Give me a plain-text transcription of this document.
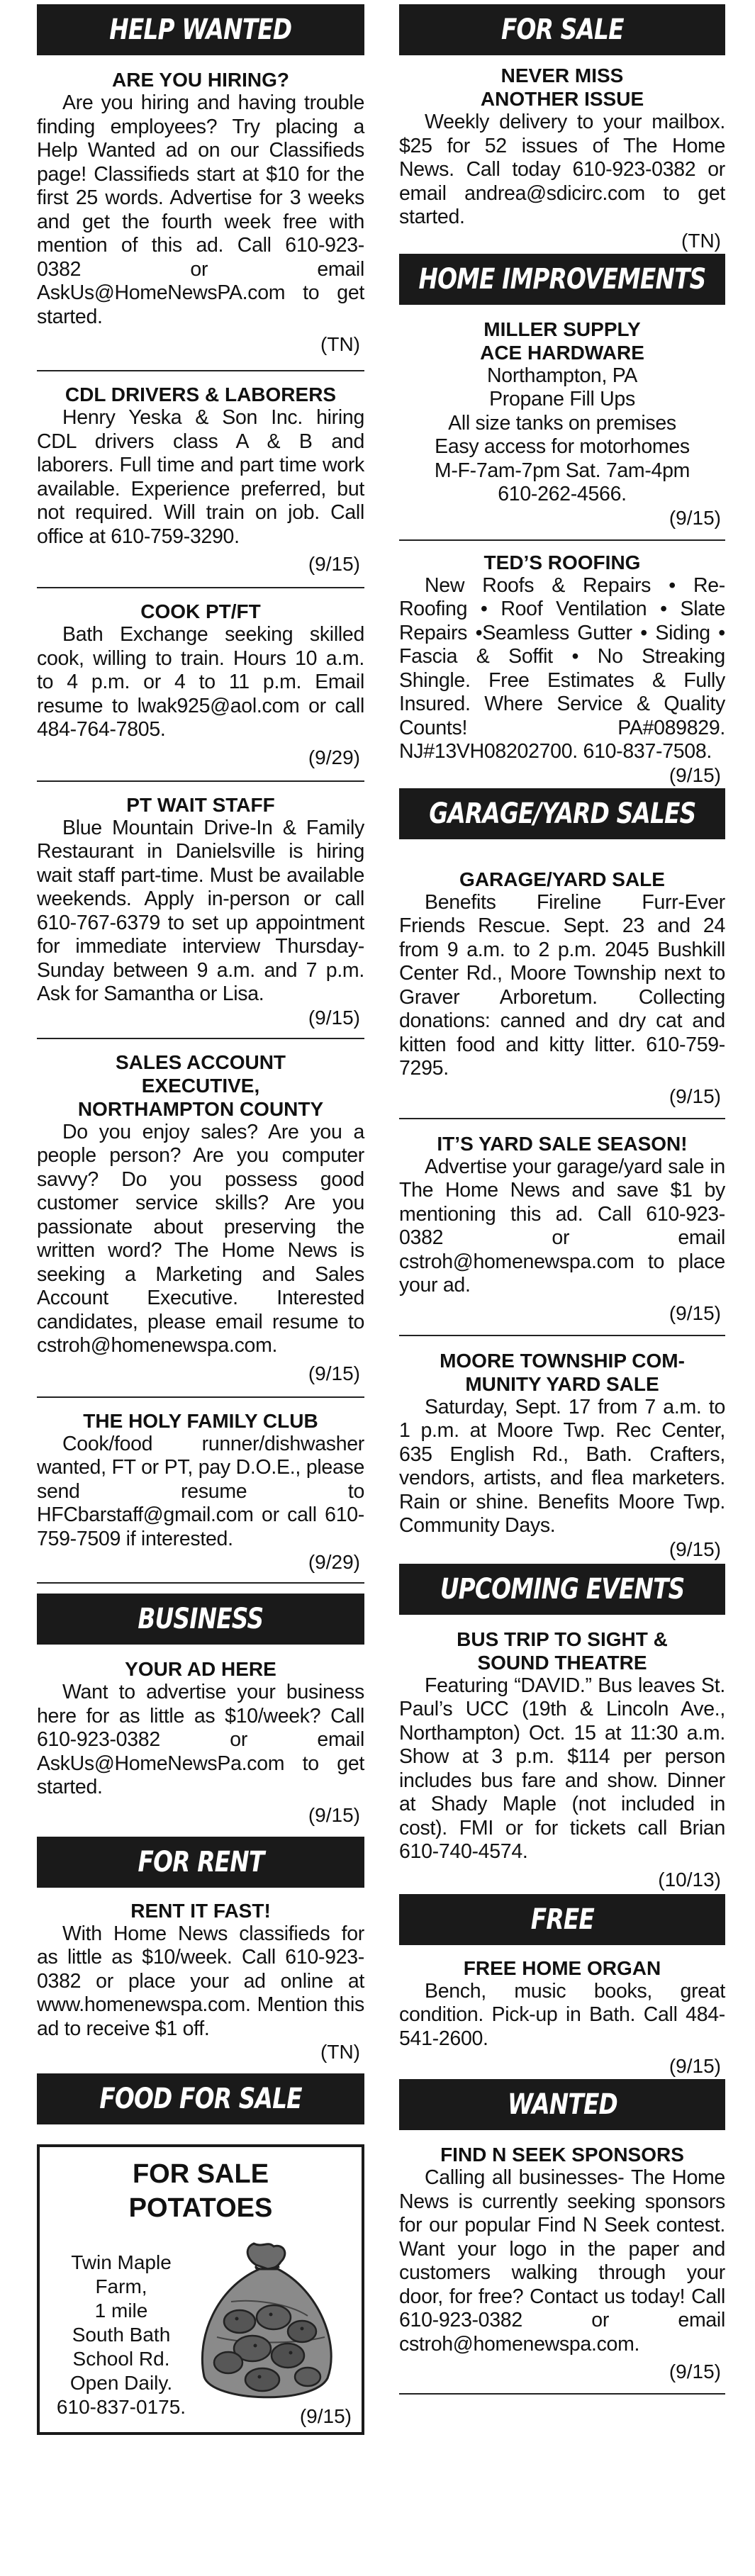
HELP WANTED
ARE YOU HIRING?
Are you hiring and having trouble finding employees? Try placing a Help Wanted ad on our Classifieds page! Classifieds start at $10 for the first 25 words. Advertise for 3 weeks and get the fourth week free with mention of this ad. Call 610-923-0382 or email AskUs@HomeNewsPA.com to get started.
(TN)
CDL DRIVERS & LABORERS
Henry Yeska & Son Inc. hiring CDL drivers class A & B and laborers. Full time and part time work available. Experience preferred, but not required. Will train on job. Call office at 610-759-3290.
(9/15)
COOK PT/FT
Bath Exchange seeking skilled cook, willing to train. Hours 10 a.m. to 4 p.m. or 4 to 11 p.m. Email resume to lwak925@aol.com or call 484-764-7805.
(9/29)
PT WAIT STAFF
Blue Mountain Drive-In & Family Restaurant in Danielsville is hiring wait staff part-time. Must be available weekends. Apply in-person or call 610-767-6379 to set up appointment for immediate interview Thursday-Sunday between 9 a.m. and 7 p.m. Ask for Samantha or Lisa.
(9/15)
SALES ACCOUNT
EXECUTIVE,
NORTHAMPTON COUNTY
Do you enjoy sales? Are you a people person? Are you computer savvy? Do you possess good customer service skills? Are you passionate about preserving the written word? The Home News is seeking a Marketing and Sales Account Executive. Interested candidates, please email resume to cstroh@homenewspa.com.
(9/15)
THE HOLY FAMILY CLUB
Cook/food runner/dishwasher wanted, FT or PT, pay D.O.E., please send resume to HFCbarstaff@gmail.com or call 610-759-7509 if interested.
(9/29)
BUSINESS
YOUR AD HERE
Want to advertise your business here for as little as $10/week? Call 610-923-0382 or email AskUs@HomeNewsPa.com to get started.
(9/15)
FOR RENT
RENT IT FAST!
With Home News classifieds for as little as $10/week. Call 610-923-0382 or place your ad online at www.homenewspa.com. Mention this ad to receive $1 off.
(TN)
FOOD FOR SALE
FOR SALE
POTATOES
Twin Maple
Farm,
1 mile
South Bath
School Rd.
Open Daily.
610-837-0175.	(9/15)
FOR SALE
NEVER MISS
ANOTHER ISSUE
Weekly delivery to your mailbox. $25 for 52 issues of The Home News. Call today 610-923-0382 or email andrea@sdicirc.com to get started.
(TN)
HOME IMPROVEMENTS
MILLER SUPPLY
ACE HARDWARE
Northampton, PA
Propane Fill Ups
All size tanks on premises
Easy access for motorhomes
M-F-7am-7pm Sat. 7am-4pm
610-262-4566.
(9/15)
TED’S ROOFING
New Roofs & Repairs • Re-Roofing • Roof Ventilation • Slate Repairs •Seamless Gutter • Siding • Fascia & Soffit • No Streaking Shingle. Free Estimates & Fully Insured. Where Service & Quality Counts! PA#089829. NJ#13VH08202700. 610-837-7508.
(9/15)
GARAGE/YARD SALES
GARAGE/YARD SALE
Benefits Fireline Furr-Ever Friends Rescue. Sept. 23 and 24 from 9 a.m. to 2 p.m. 2045 Bushkill Center Rd., Moore Township next to Graver Arboretum. Collecting donations: canned and dry cat and kitten food and kitty litter. 610-759-7295.
(9/15)
IT’S YARD SALE SEASON!
Advertise your garage/yard sale in The Home News and save $1 by mentioning this ad. Call 610-923-0382 or email cstroh@homenewspa.com to place your ad.
(9/15)
MOORE TOWNSHIP COM-
MUNITY YARD SALE
Saturday, Sept. 17 from 7 a.m. to 1 p.m. at Moore Twp. Rec Center, 635 English Rd., Bath. Crafters, vendors, artists, and flea marketers. Rain or shine. Benefits Moore Twp. Community Days.
(9/15)
UPCOMING EVENTS
BUS TRIP TO SIGHT &
SOUND THEATRE
Featuring “DAVID.” Bus leaves St. Paul’s UCC (19th & Lincoln Ave., Northampton) Oct. 15 at 11:30 a.m. Show at 3 p.m. $114 per person includes bus fare and show. Dinner at Shady Maple (not included in cost). FMI or for tickets call Brian 610-740-4574.
(10/13)
FREE
FREE HOME ORGAN
Bench, music books, great condition. Pick-up in Bath. Call 484-541-2600.
(9/15)
WANTED
FIND N SEEK SPONSORS
Calling all businesses- The Home News is currently seeking sponsors for our popular Find N Seek contest. Want your logo in the paper and customers walking through your door, for free? Contact us today! Call 610-923-0382 or email cstroh@homenewspa.com.
(9/15)
